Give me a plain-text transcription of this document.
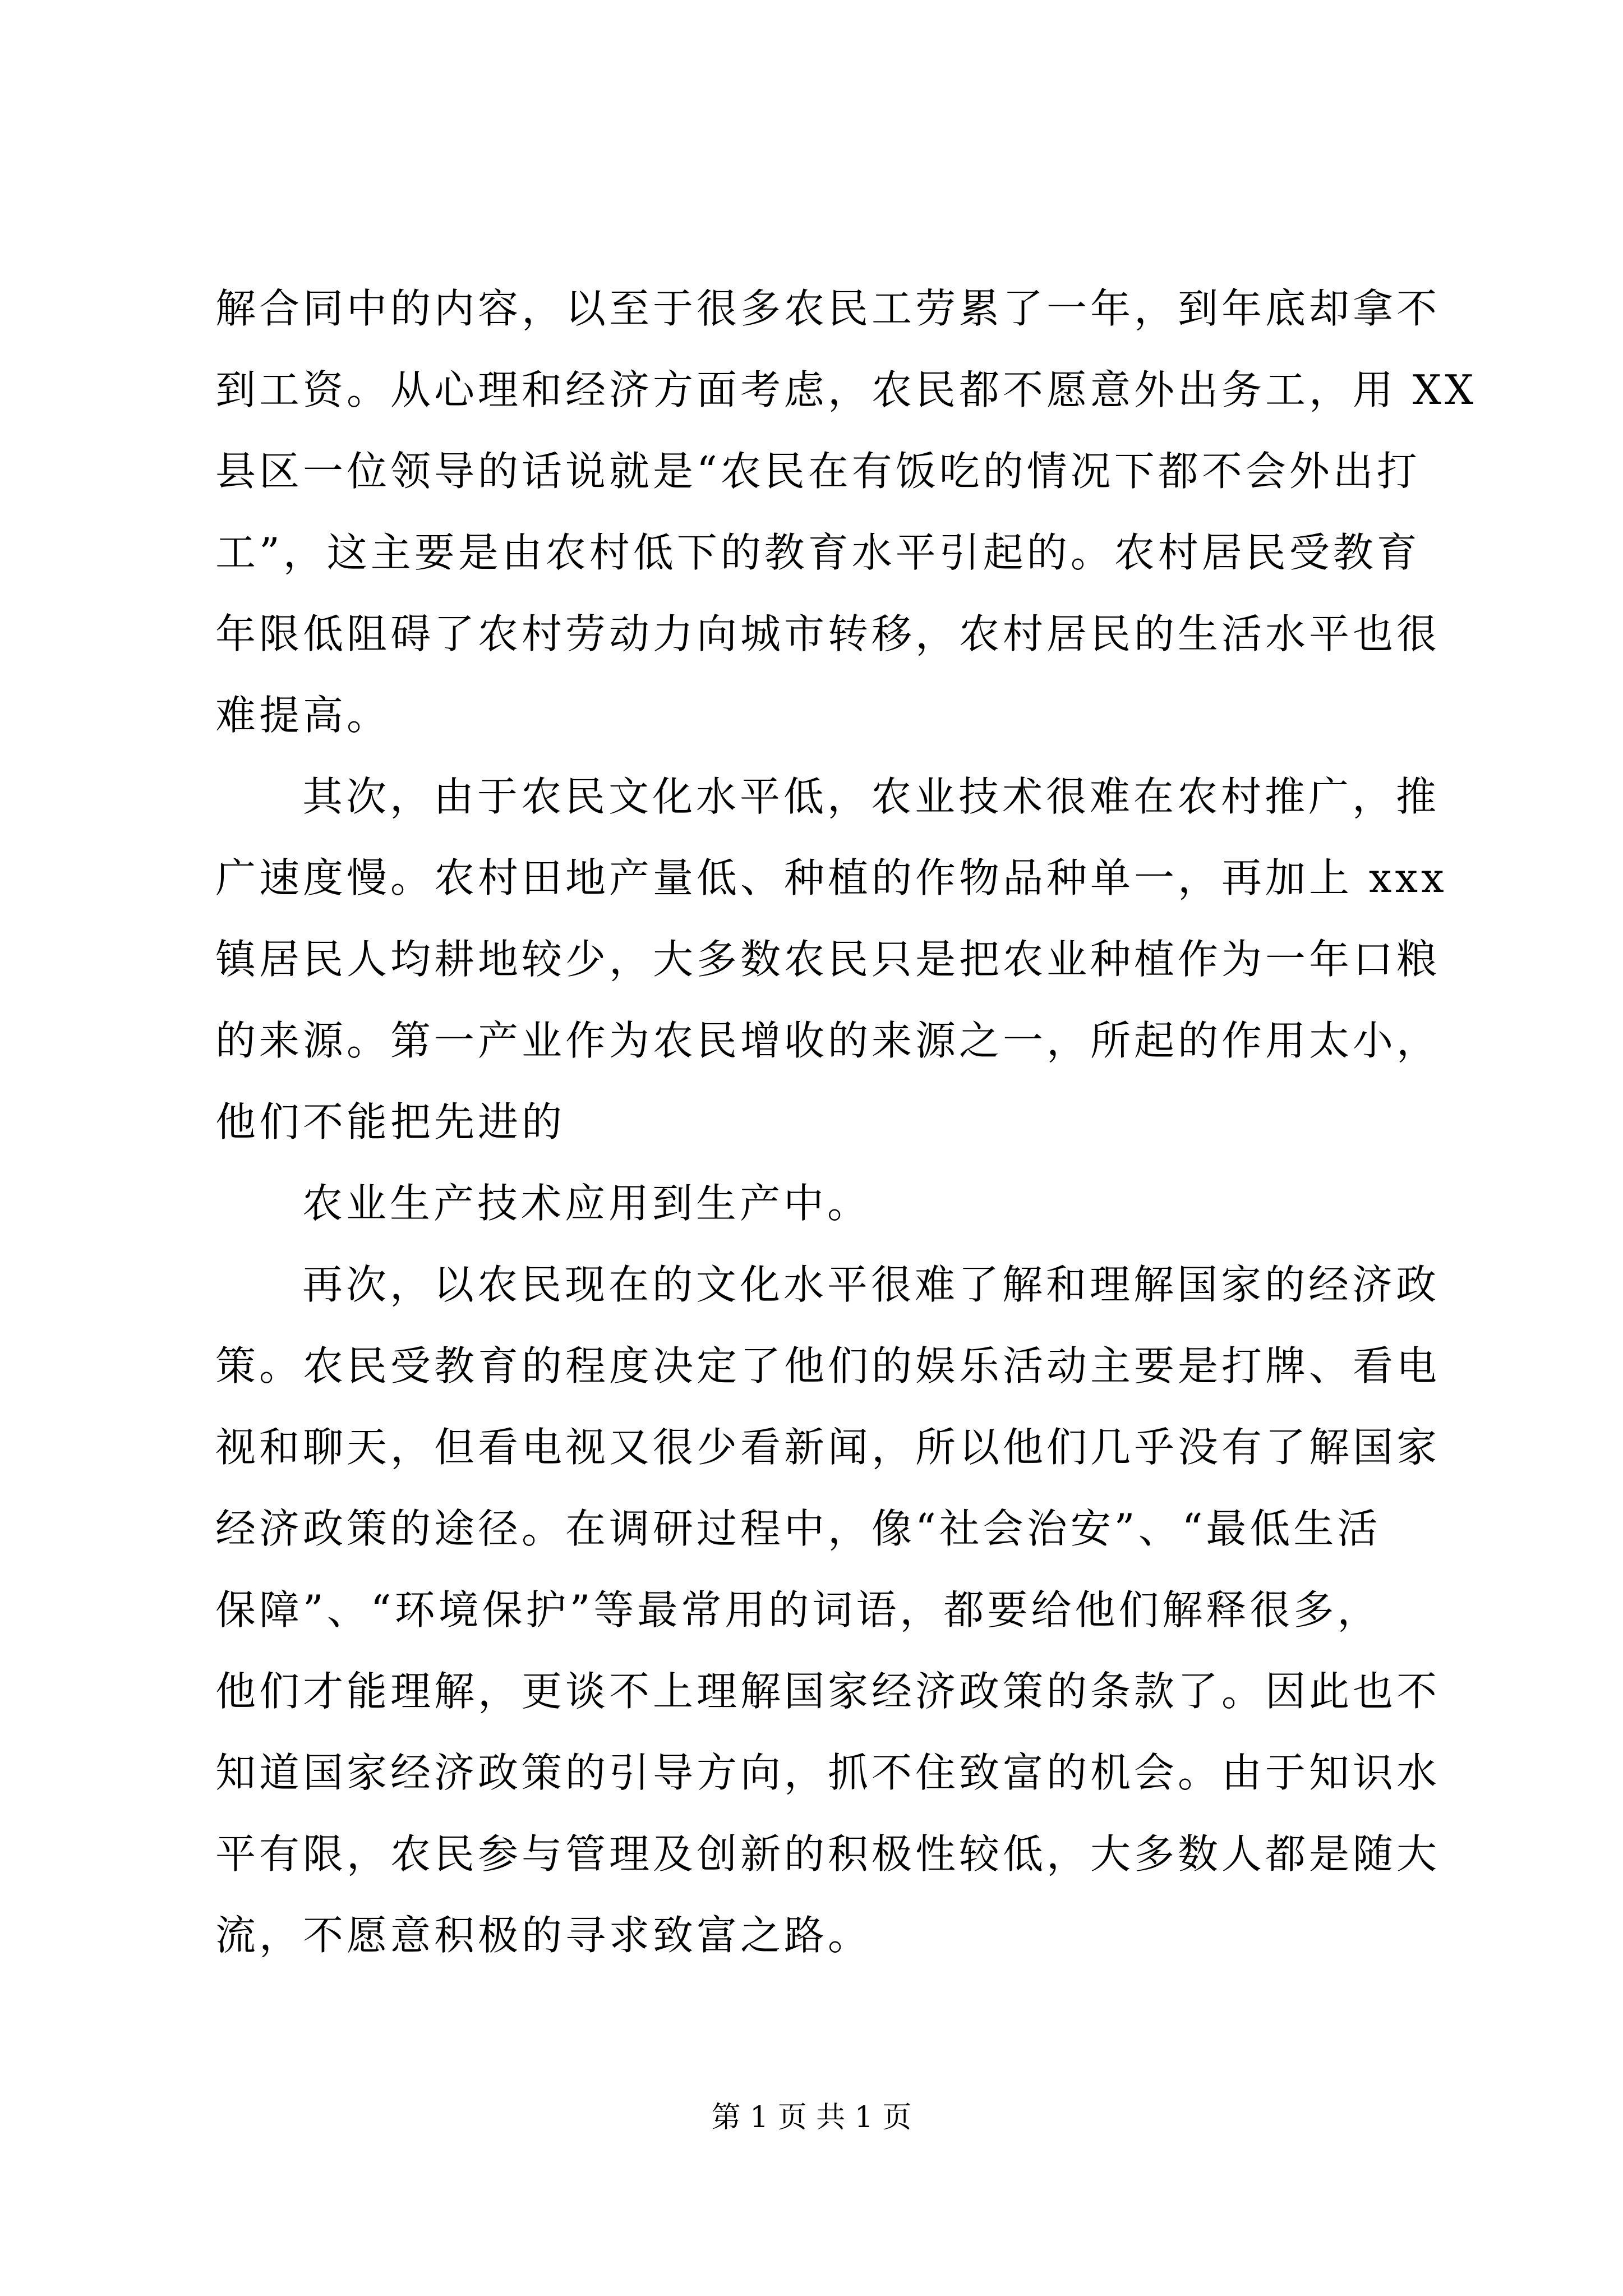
解合同中的内容，以至于很多农民工劳累了一年，到年底却拿不
到工资。从心理和经济方面考虑，农民都不愿意外出务工，用 XX
县区一位领导的话说就是“农民在有饭吃的情况下都不会外出打
工”，这主要是由农村低下的教育水平引起的。农村居民受教育
年限低阻碍了农村劳动力向城市转移，农村居民的生活水平也很
难提高。
其次，由于农民文化水平低，农业技术很难在农村推广，推
广速度慢。农村田地产量低、种植的作物品种单一，再加上 xxx
镇居民人均耕地较少，大多数农民只是把农业种植作为一年口粮
的来源。第一产业作为农民增收的来源之一，所起的作用太小，
他们不能把先进的
农业生产技术应用到生产中。
再次，以农民现在的文化水平很难了解和理解国家的经济政
策。农民受教育的程度决定了他们的娱乐活动主要是打牌、看电
视和聊天，但看电视又很少看新闻，所以他们几乎没有了解国家
经济政策的途径。在调研过程中，像“社会治安”、“最低生活
保障”、“环境保护”等最常用的词语，都要给他们解释很多，
他们才能理解，更谈不上理解国家经济政策的条款了。因此也不
知道国家经济政策的引导方向，抓不住致富的机会。由于知识水
平有限，农民参与管理及创新的积极性较低，大多数人都是随大
流，不愿意积极的寻求致富之路。
第 1 页 共 1 页
